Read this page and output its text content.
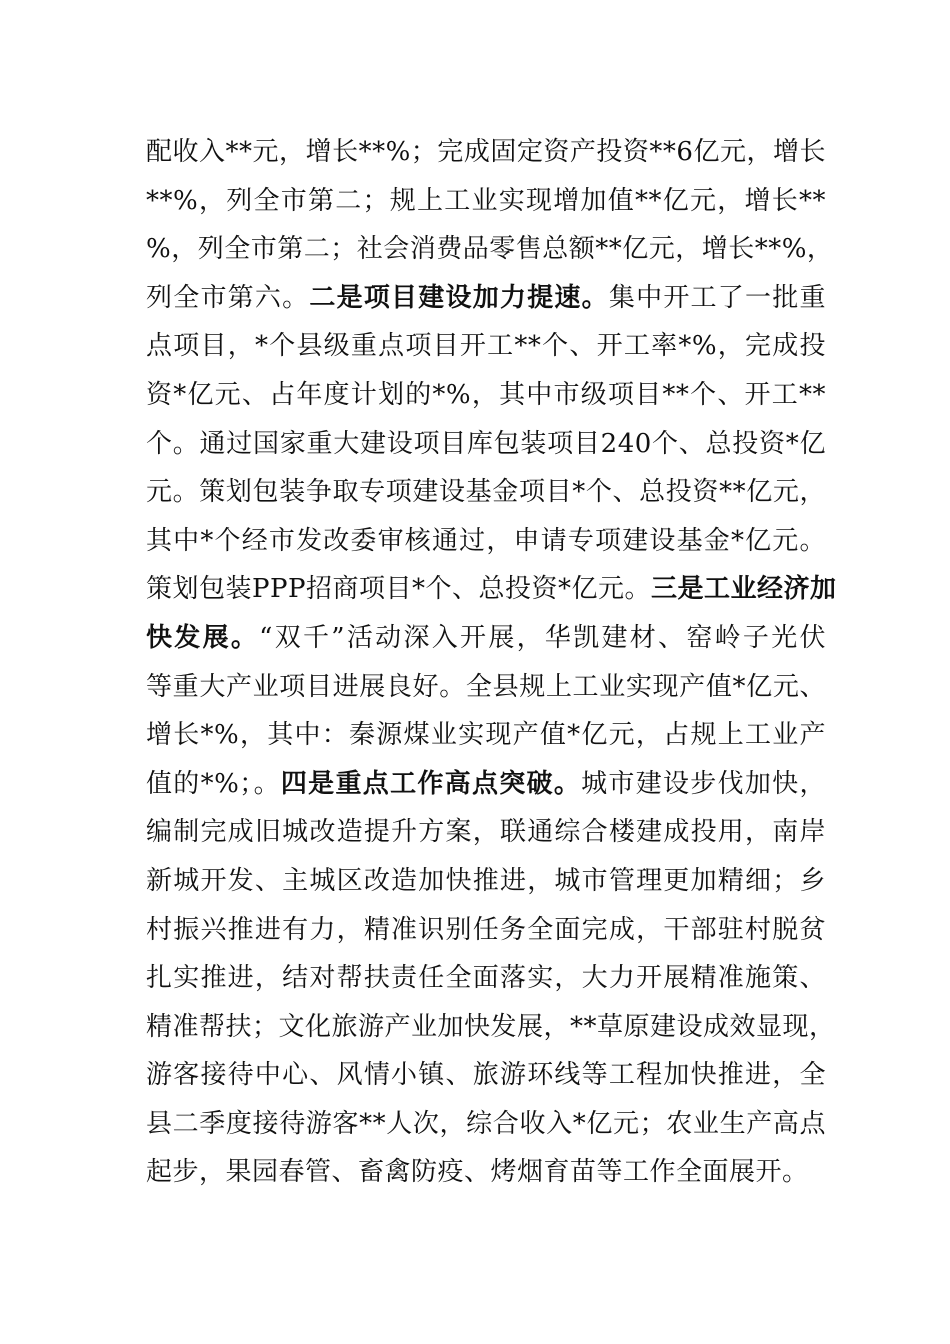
配收入**元，增长**%；完成固定资产投资**6亿元，增长
**%，列全市第二；规上工业实现增加值**亿元，增长**
%，列全市第二；社会消费品零售总额**亿元，增长**%，
列全市第六。二是项目建设加力提速。集中开工了一批重
点项目，*个县级重点项目开工**个、开工率*%，完成投
资*亿元、占年度计划的*%，其中市级项目**个、开工**
个。通过国家重大建设项目库包装项目240个、总投资*亿
元。策划包装争取专项建设基金项目*个、总投资**亿元，
其中*个经市发改委审核通过，申请专项建设基金*亿元。
策划包装PPP招商项目*个、总投资*亿元。三是工业经济加
快发展。“双千”活动深入开展，华凯建材、窑岭子光伏
等重大产业项目进展良好。全县规上工业实现产值*亿元、
增长*%，其中：秦源煤业实现产值*亿元，占规上工业产
值的*%；。四是重点工作高点突破。城市建设步伐加快，
编制完成旧城改造提升方案，联通综合楼建成投用，南岸
新城开发、主城区改造加快推进，城市管理更加精细；乡
村振兴推进有力，精准识别任务全面完成，干部驻村脱贫
扎实推进，结对帮扶责任全面落实，大力开展精准施策、
精准帮扶；文化旅游产业加快发展，**草原建设成效显现，
游客接待中心、风情小镇、旅游环线等工程加快推进，全
县二季度接待游客**人次，综合收入*亿元；农业生产高点
起步，果园春管、畜禽防疫、烤烟育苗等工作全面展开。
